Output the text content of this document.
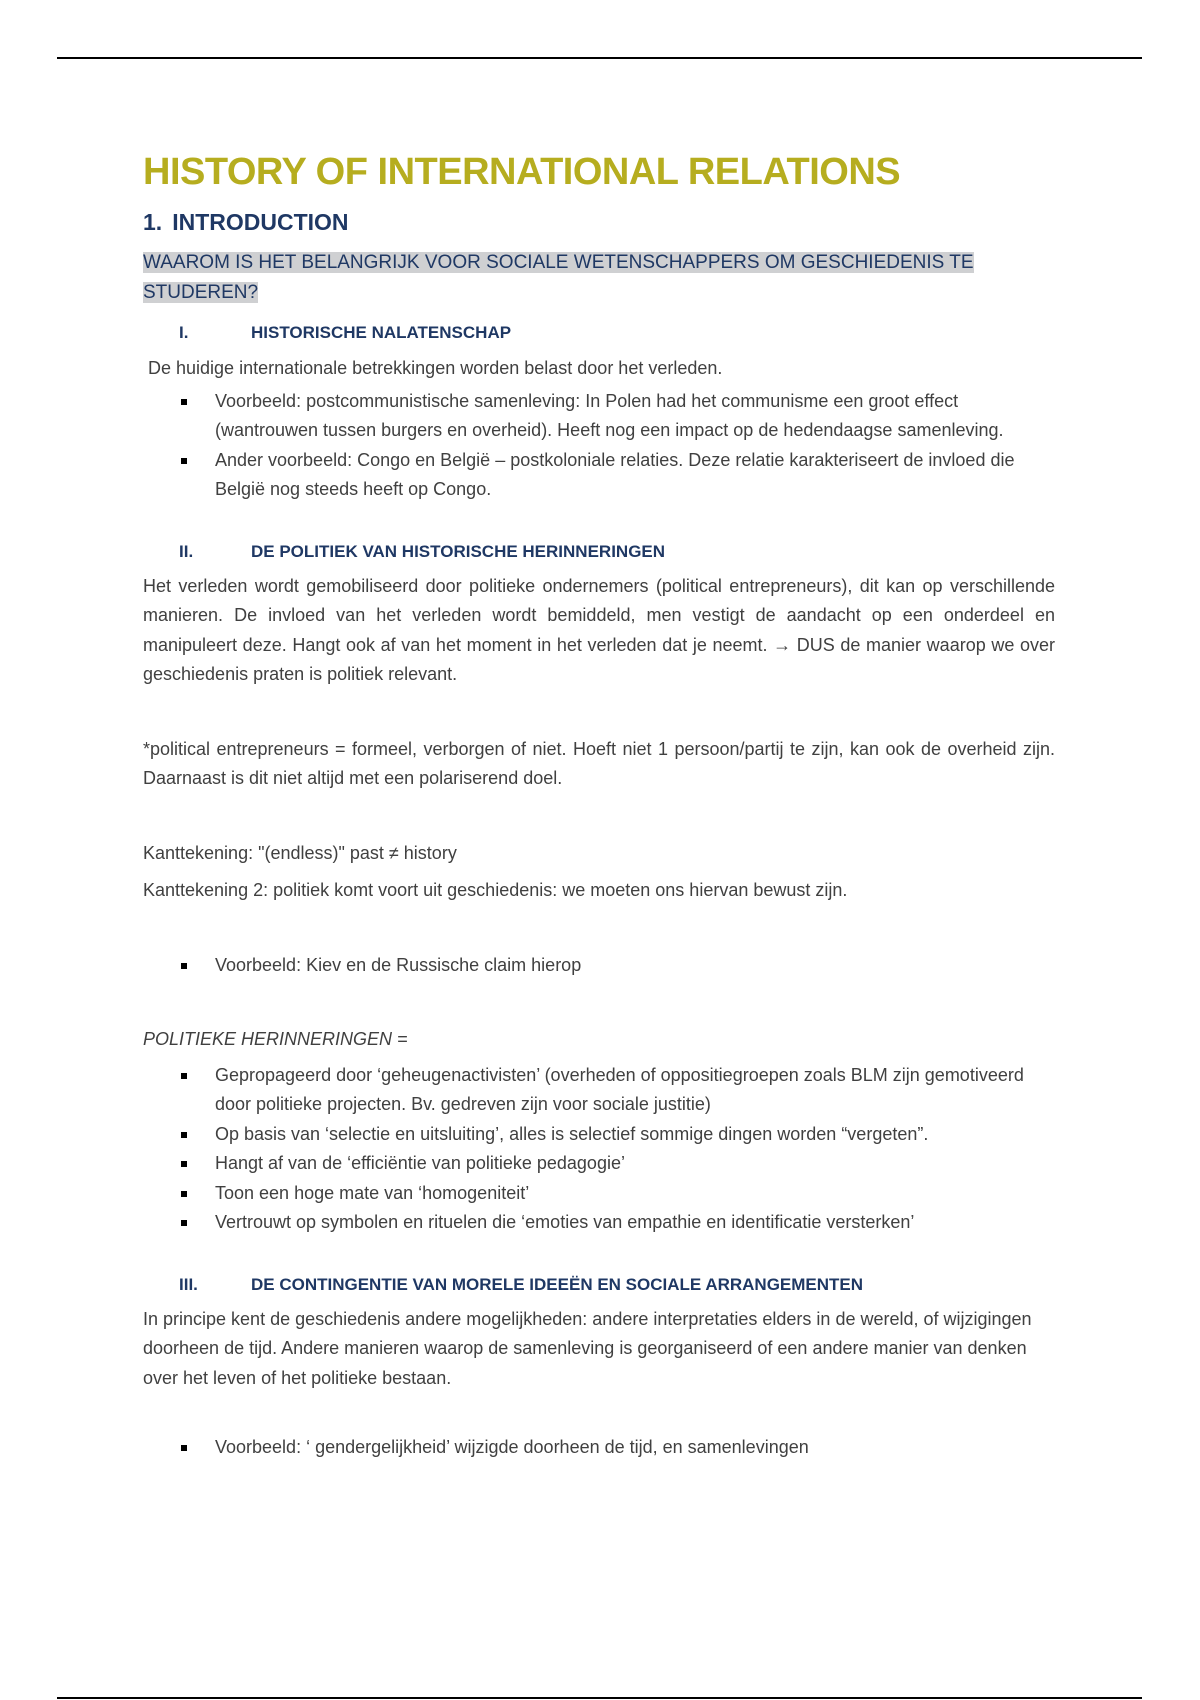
HISTORY OF INTERNATIONAL RELATIONS
1. INTRODUCTION

WAAROM IS HET BELANGRIJK VOOR SOCIALE WETENSCHAPPERS OM GESCHIEDENIS TE STUDEREN?

I.	HISTORISCHE NALATENSCHAP

De huidige internationale betrekkingen worden belast door het verleden.

Voorbeeld: postcommunistische samenleving: In Polen had het communisme een groot effect (wantrouwen tussen burgers en overheid). Heeft nog een impact op de hedendaagse samenleving.
Ander voorbeeld: Congo en België – postkoloniale relaties. Deze relatie karakteriseert de invloed die België nog steeds heeft op Congo.
II.	DE POLITIEK VAN HISTORISCHE HERINNERINGEN

Het verleden wordt gemobiliseerd door politieke ondernemers (political entrepreneurs), dit kan op verschillende manieren. De invloed van het verleden wordt bemiddeld, men vestigt de aandacht op een onderdeel en manipuleert deze. Hangt ook af van het moment in het verleden dat je neemt. → DUS de manier waarop we over geschiedenis praten is politiek relevant.

*political entrepreneurs = formeel, verborgen of niet. Hoeft niet 1 persoon/partij te zijn, kan ook de overheid zijn. Daarnaast is dit niet altijd met een polariserend doel.

Kanttekening: "(endless)" past ≠ history

Kanttekening 2: politiek komt voort uit geschiedenis: we moeten ons hiervan bewust zijn.

Voorbeeld: Kiev en de Russische claim hierop

POLITIEKE HERINNERINGEN =

Gepropageerd door ‘geheugenactivisten’ (overheden of oppositiegroepen zoals BLM zijn gemotiveerd door politieke projecten. Bv. gedreven zijn voor sociale justitie)
Op basis van ‘selectie en uitsluiting’, alles is selectief sommige dingen worden “vergeten”.
Hangt af van de ‘efficiëntie van politieke pedagogie’
Toon een hoge mate van ‘homogeniteit’
Vertrouwt op symbolen en rituelen die ‘emoties van empathie en identificatie versterken’
III.	DE CONTINGENTIE VAN MORELE IDEEËN EN SOCIALE ARRANGEMENTEN

In principe kent de geschiedenis andere mogelijkheden: andere interpretaties elders in de wereld, of wijzigingen doorheen de tijd. Andere manieren waarop de samenleving is georganiseerd of een andere manier van denken over het leven of het politieke bestaan.

Voorbeeld: ‘ gendergelijkheid’ wijzigde doorheen de tijd, en samenlevingen
